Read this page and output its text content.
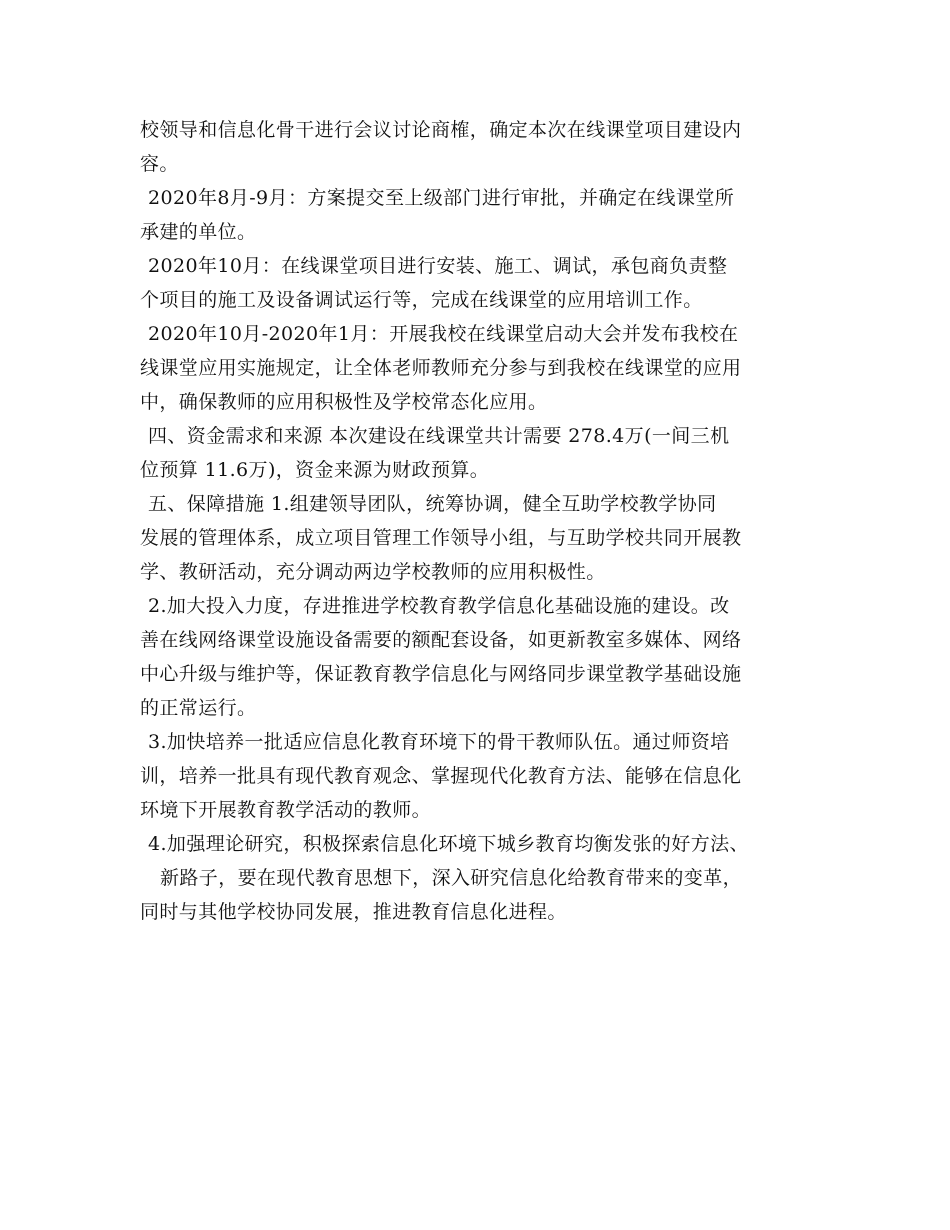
校领导和信息化骨干进行会议讨论商榷，确定本次在线课堂项目建设内
容。
2020年8月-9月：方案提交至上级部门进行审批，并确定在线课堂所
承建的单位。
2020年10月：在线课堂项目进行安装、施工、调试，承包商负责整
个项目的施工及设备调试运行等，完成在线课堂的应用培训工作。
2020年10月-2020年1月：开展我校在线课堂启动大会并发布我校在
线课堂应用实施规定，让全体老师教师充分参与到我校在线课堂的应用
中，确保教师的应用积极性及学校常态化应用。
四、资金需求和来源 本次建设在线课堂共计需要 278.4万(一间三机
位预算 11.6万)，资金来源为财政预算。
五、保障措施 1.组建领导团队，统筹协调，健全互助学校教学协同
发展的管理体系，成立项目管理工作领导小组，与互助学校共同开展教
学、教研活动，充分调动两边学校教师的应用积极性。
2.加大投入力度，存进推进学校教育教学信息化基础设施的建设。改
善在线网络课堂设施设备需要的额配套设备，如更新教室多媒体、网络
中心升级与维护等，保证教育教学信息化与网络同步课堂教学基础设施
的正常运行。
3.加快培养一批适应信息化教育环境下的骨干教师队伍。通过师资培
训，培养一批具有现代教育观念、掌握现代化教育方法、能够在信息化
环境下开展教育教学活动的教师。
4.加强理论研究，积极探索信息化环境下城乡教育均衡发张的好方法、
新路子，要在现代教育思想下，深入研究信息化给教育带来的变革，
同时与其他学校协同发展，推进教育信息化进程。
